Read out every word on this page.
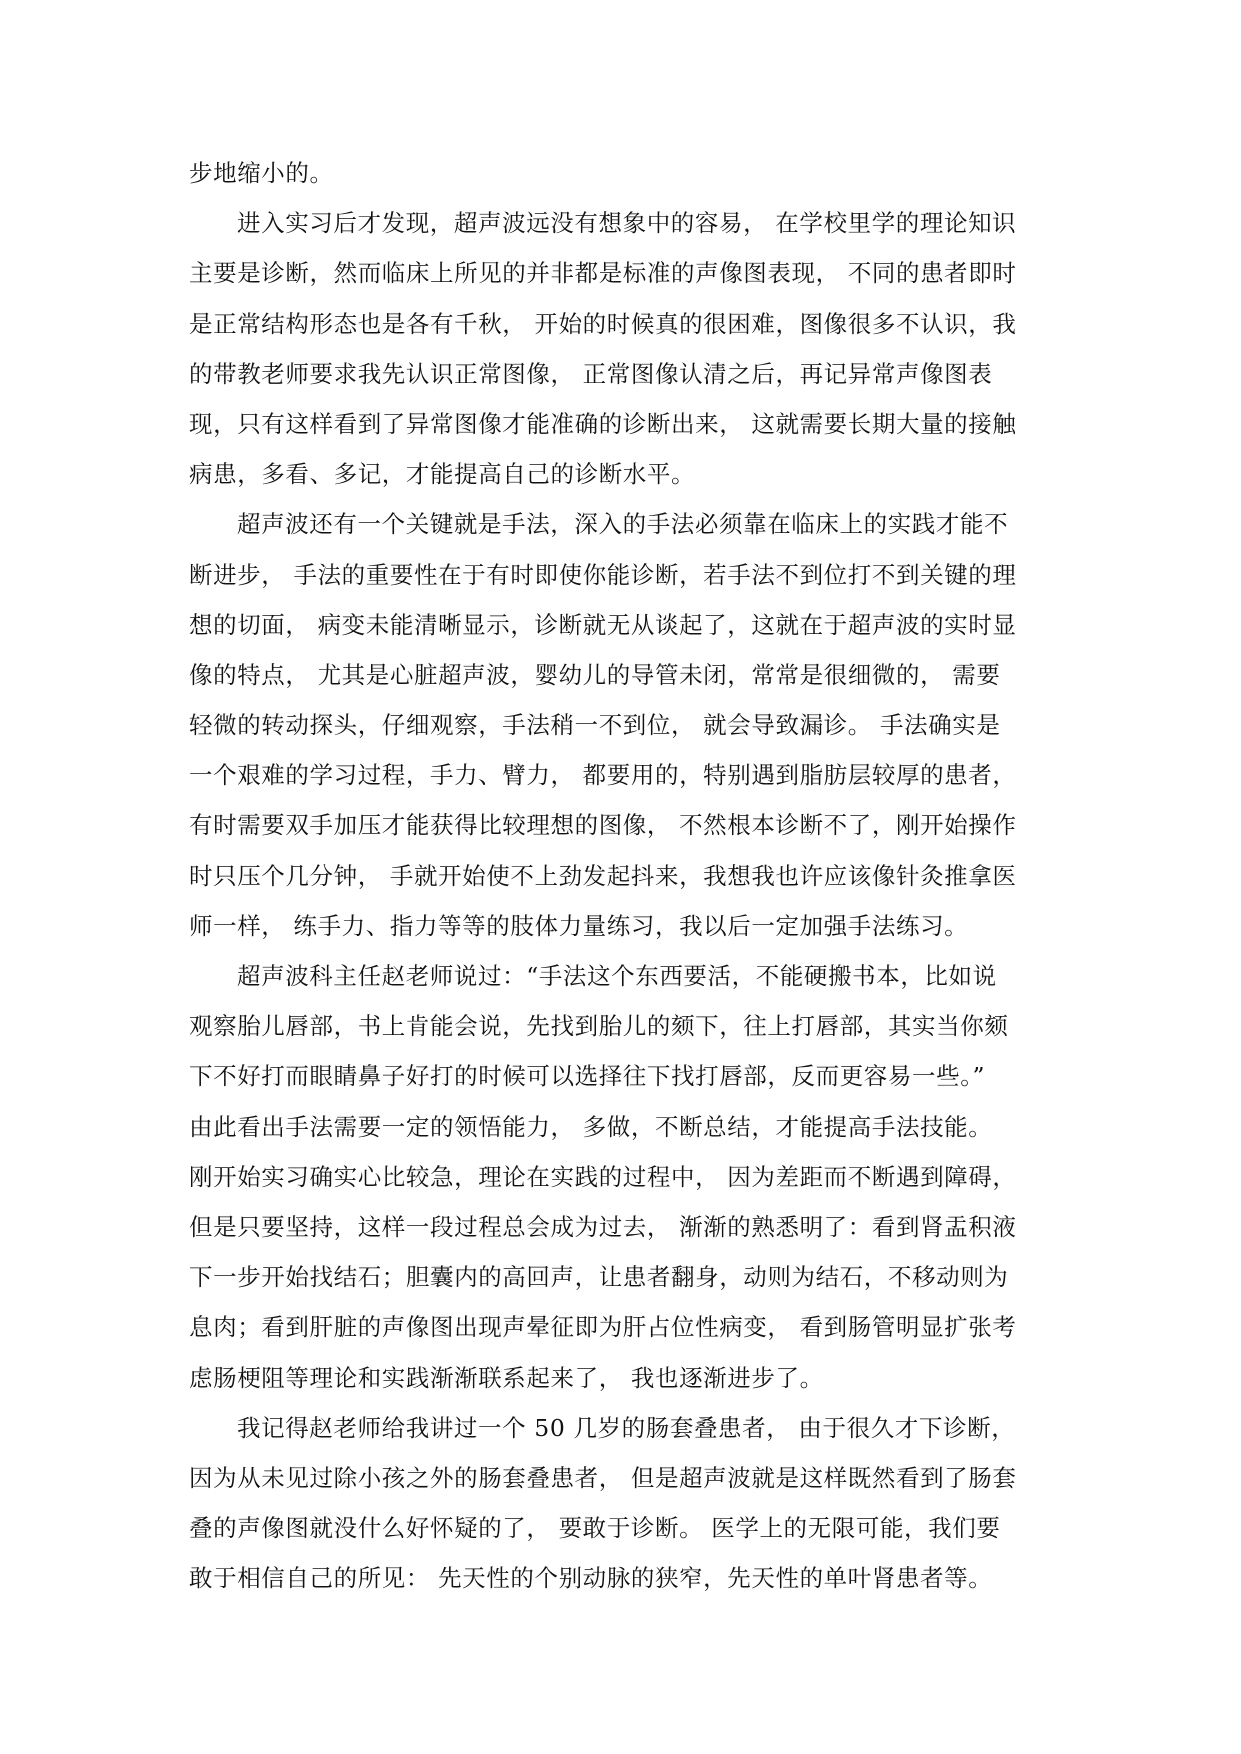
步地缩小的。
进入实习后才发现，超声波远没有想象中的容易， 在学校里学的理论知识
主要是诊断，然而临床上所见的并非都是标准的声像图表现， 不同的患者即时
是正常结构形态也是各有千秋， 开始的时候真的很困难，图像很多不认识，我
的带教老师要求我先认识正常图像， 正常图像认清之后，再记异常声像图表
现，只有这样看到了异常图像才能准确的诊断出来， 这就需要长期大量的接触
病患，多看、多记，才能提高自己的诊断水平。
超声波还有一个关键就是手法，深入的手法必须靠在临床上的实践才能不
断进步， 手法的重要性在于有时即使你能诊断，若手法不到位打不到关键的理
想的切面， 病变未能清晰显示，诊断就无从谈起了，这就在于超声波的实时显
像的特点， 尤其是心脏超声波，婴幼儿的导管未闭，常常是很细微的， 需要
轻微的转动探头，仔细观察，手法稍一不到位， 就会导致漏诊。 手法确实是
一个艰难的学习过程，手力、臂力， 都要用的，特别遇到脂肪层较厚的患者，
有时需要双手加压才能获得比较理想的图像， 不然根本诊断不了，刚开始操作
时只压个几分钟， 手就开始使不上劲发起抖来，我想我也许应该像针灸推拿医
师一样， 练手力、指力等等的肢体力量练习，我以后一定加强手法练习。
超声波科主任赵老师说过：“手法这个东西要活，不能硬搬书本，比如说
观察胎儿唇部，书上肯能会说，先找到胎儿的颏下，往上打唇部，其实当你颏
下不好打而眼睛鼻子好打的时候可以选择往下找打唇部，反而更容易一些。”
由此看出手法需要一定的领悟能力， 多做，不断总结，才能提高手法技能。
刚开始实习确实心比较急，理论在实践的过程中， 因为差距而不断遇到障碍，
但是只要坚持，这样一段过程总会成为过去， 渐渐的熟悉明了：看到肾盂积液
下一步开始找结石；胆囊内的高回声，让患者翻身，动则为结石，不移动则为
息肉；看到肝脏的声像图出现声晕征即为肝占位性病变， 看到肠管明显扩张考
虑肠梗阻等理论和实践渐渐联系起来了， 我也逐渐进步了。
我记得赵老师给我讲过一个 50 几岁的肠套叠患者， 由于很久才下诊断，
因为从未见过除小孩之外的肠套叠患者， 但是超声波就是这样既然看到了肠套
叠的声像图就没什么好怀疑的了， 要敢于诊断。 医学上的无限可能，我们要
敢于相信自己的所见： 先天性的个别动脉的狭窄，先天性的单叶肾患者等。
